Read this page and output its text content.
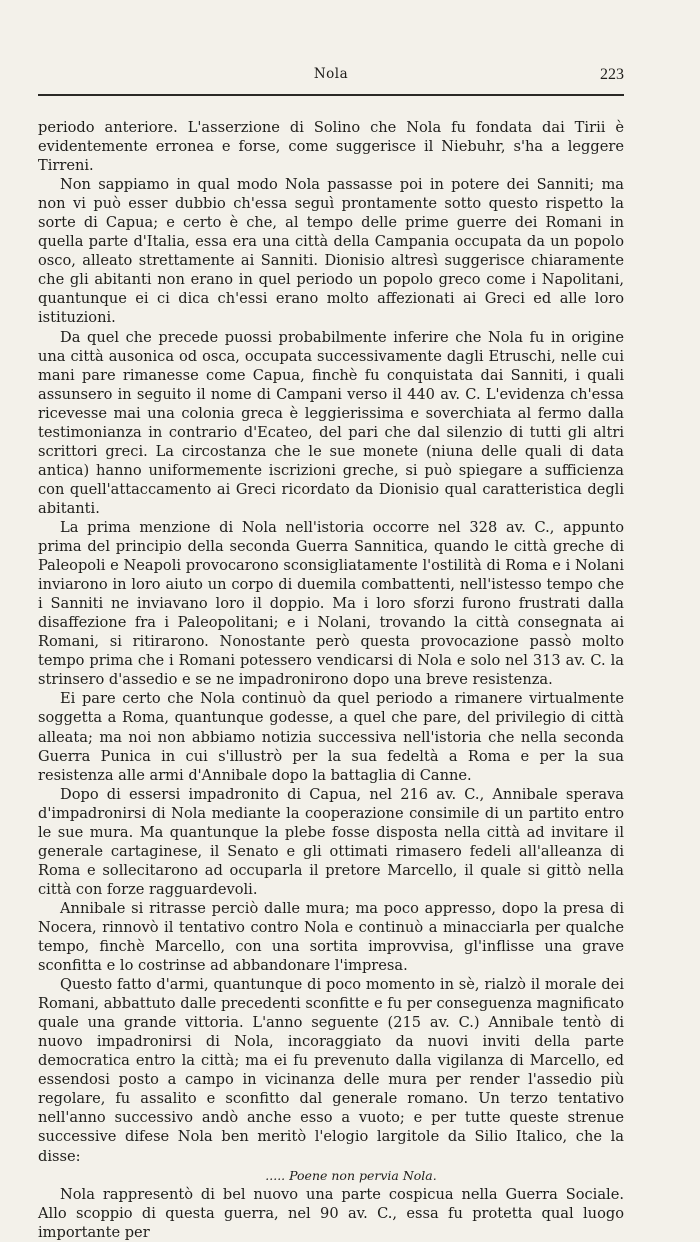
Nola	223

periodo anteriore. L'asserzione di Solino che Nola fu fondata dai Tirii è evidentemente erronea e forse, come suggerisce il Niebuhr, s'ha a leggere Tirreni.

Non sappiamo in qual modo Nola passasse poi in potere dei Sanniti; ma non vi può esser dubbio ch'essa seguì prontamente sotto questo rispetto la sorte di Capua; e certo è che, al tempo delle prime guerre dei Romani in quella parte d'Italia, essa era una città della Campania occupata da un popolo osco, alleato strettamente ai Sanniti. Dionisio altresì suggerisce chiaramente che gli abitanti non erano in quel periodo un popolo greco come i Napolitani, quantunque ei ci dica ch'essi erano molto affezionati ai Greci ed alle loro istituzioni.

Da quel che precede puossi probabilmente inferire che Nola fu in origine una città ausonica od osca, occupata successivamente dagli Etruschi, nelle cui mani pare rimanesse come Capua, finchè fu conquistata dai Sanniti, i quali assunsero in seguito il nome di Campani verso il 440 av. C. L'evidenza ch'essa ricevesse mai una colonia greca è leggierissima e soverchiata al fermo dalla testimonianza in contrario d'Ecateo, del pari che dal silenzio di tutti gli altri scrittori greci. La circostanza che le sue monete (niuna delle quali di data antica) hanno uniformemente iscrizioni greche, si può spiegare a sufficienza con quell'attaccamento ai Greci ricordato da Dionisio qual caratteristica degli abitanti.

La prima menzione di Nola nell'istoria occorre nel 328 av. C., appunto prima del principio della seconda Guerra Sannitica, quando le città greche di Paleopoli e Neapoli provocarono sconsigliatamente l'ostilità di Roma e i Nolani inviarono in loro aiuto un corpo di duemila combattenti, nell'istesso tempo che i Sanniti ne inviavano loro il doppio. Ma i loro sforzi furono frustrati dalla disaffezione fra i Paleopolitani; e i Nolani, trovando la città consegnata ai Romani, si ritirarono. Nonostante però questa provocazione passò molto tempo prima che i Romani potessero vendicarsi di Nola e solo nel 313 av. C. la strinsero d'assedio e se ne impadronirono dopo una breve resistenza.

Ei pare certo che Nola continuò da quel periodo a rimanere virtualmente soggetta a Roma, quantunque godesse, a quel che pare, del privilegio di città alleata; ma noi non abbiamo notizia successiva nell'istoria che nella seconda Guerra Punica in cui s'illustrò per la sua fedeltà a Roma e per la sua resistenza alle armi d'Annibale dopo la battaglia di Canne.

Dopo di essersi impadronito di Capua, nel 216 av. C., Annibale sperava d'impadronirsi di Nola mediante la cooperazione consimile di un partito entro le sue mura. Ma quantunque la plebe fosse disposta nella città ad invitare il generale cartaginese, il Senato e gli ottimati rimasero fedeli all'alleanza di Roma e sollecitarono ad occuparla il pretore Marcello, il quale si gittò nella città con forze ragguardevoli.

Annibale si ritrasse perciò dalle mura; ma poco appresso, dopo la presa di Nocera, rinnovò il tentativo contro Nola e continuò a minacciarla per qualche tempo, finchè Marcello, con una sortita improvvisa, gl'inflisse una grave sconfitta e lo costrinse ad abbandonare l'impresa.

Questo fatto d'armi, quantunque di poco momento in sè, rialzò il morale dei Romani, abbattuto dalle precedenti sconfitte e fu per conseguenza magnificato quale una grande vittoria. L'anno seguente (215 av. C.) Annibale tentò di nuovo impadronirsi di Nola, incoraggiato da nuovi inviti della parte democratica entro la città; ma ei fu prevenuto dalla vigilanza di Marcello, ed essendosi posto a campo in vicinanza delle mura per render l'assedio più regolare, fu assalito e sconfitto dal generale romano. Un terzo tentativo nell'anno successivo andò anche esso a vuoto; e per tutte queste strenue successive difese Nola ben meritò l'elogio largitole da Silio Italico, che la disse:

..... Poene non pervia Nola.

Nola rappresentò di bel nuovo una parte cospicua nella Guerra Sociale. Allo scoppio di questa guerra, nel 90 av. C., essa fu protetta qual luogo importante per
